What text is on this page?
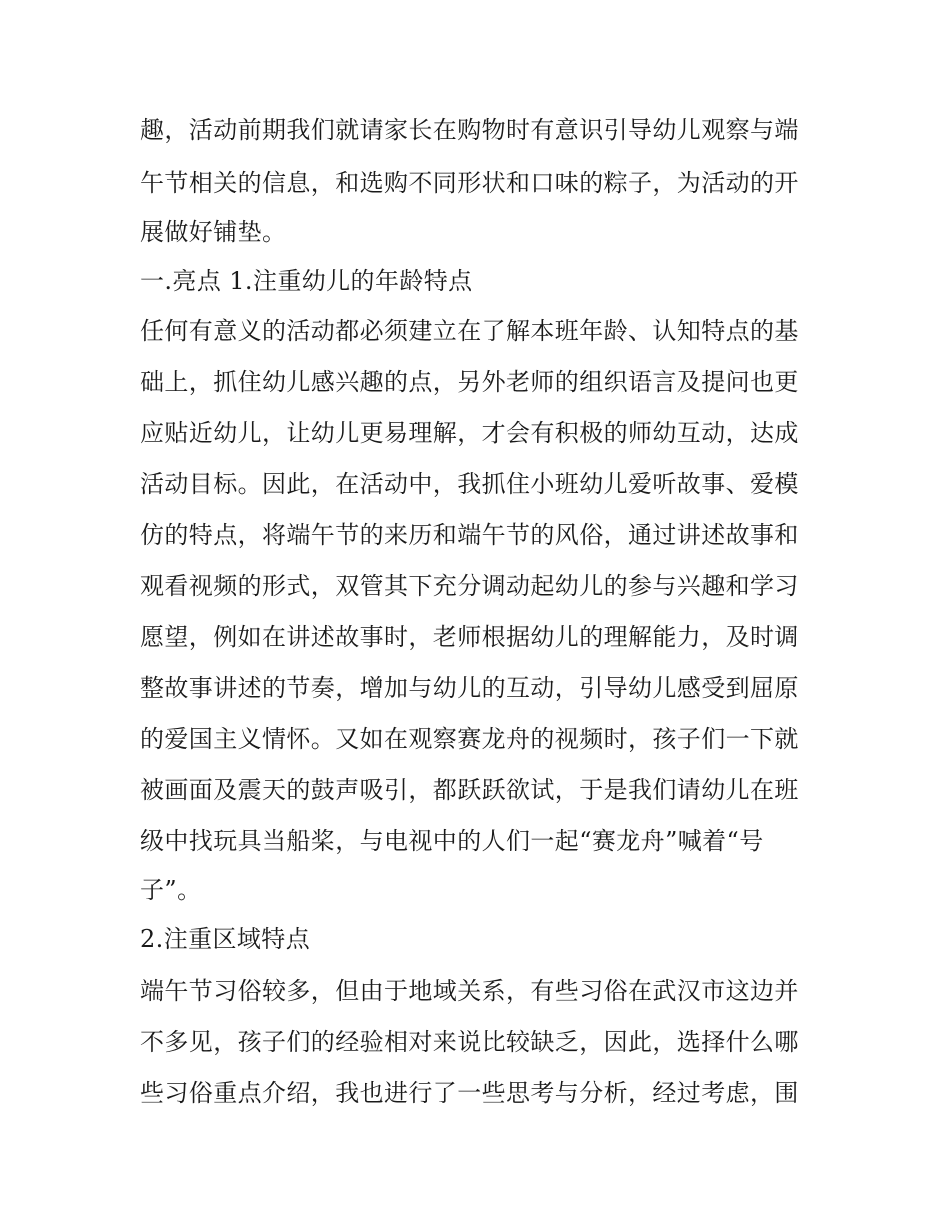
趣，活动前期我们就请家长在购物时有意识引导幼儿观察与端
午节相关的信息，和选购不同形状和口味的粽子，为活动的开
展做好铺垫。
一.亮点 1.注重幼儿的年龄特点
任何有意义的活动都必须建立在了解本班年龄、认知特点的基
础上，抓住幼儿感兴趣的点，另外老师的组织语言及提问也更
应贴近幼儿，让幼儿更易理解，才会有积极的师幼互动，达成
活动目标。因此，在活动中，我抓住小班幼儿爱听故事、爱模
仿的特点，将端午节的来历和端午节的风俗，通过讲述故事和
观看视频的形式，双管其下充分调动起幼儿的参与兴趣和学习
愿望，例如在讲述故事时，老师根据幼儿的理解能力，及时调
整故事讲述的节奏，增加与幼儿的互动，引导幼儿感受到屈原
的爱国主义情怀。又如在观察赛龙舟的视频时，孩子们一下就
被画面及震天的鼓声吸引，都跃跃欲试，于是我们请幼儿在班
级中找玩具当船桨，与电视中的人们一起“赛龙舟”喊着“号
子”。
2.注重区域特点
端午节习俗较多，但由于地域关系，有些习俗在武汉市这边并
不多见，孩子们的经验相对来说比较缺乏，因此，选择什么哪
些习俗重点介绍，我也进行了一些思考与分析，经过考虑，围
